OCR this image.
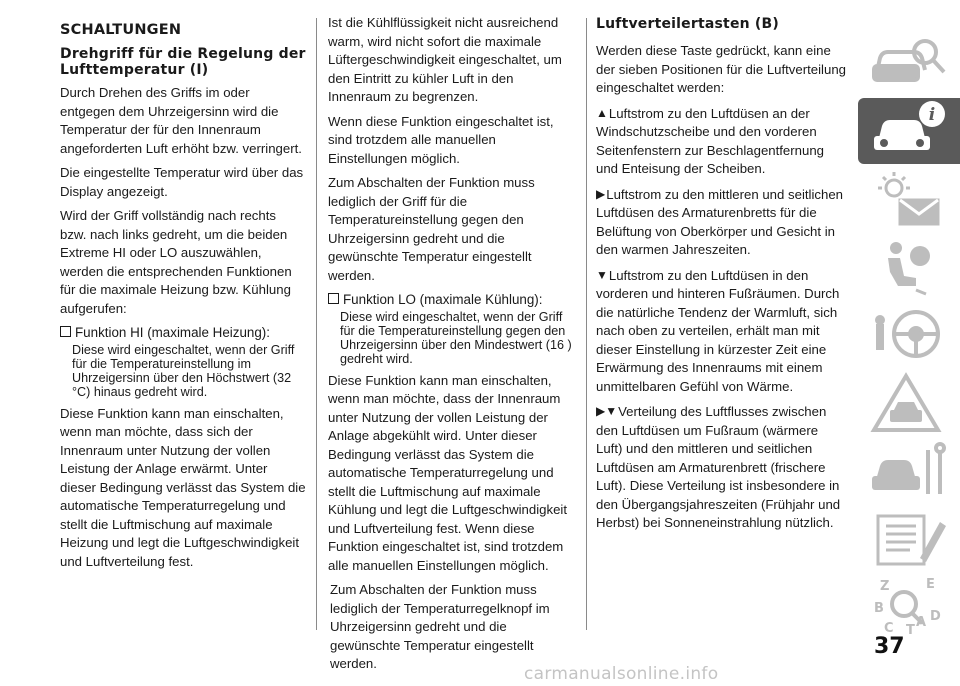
SCHALTUNGEN
Drehgriff für die Regelung der Lufttemperatur (I)

Durch Drehen des Griffs im oder entgegen dem Uhrzeigersinn wird die Temperatur der für den Innenraum angeforderten Luft erhöht bzw. verringert.

Die eingestellte Temperatur wird über das Display angezeigt.

Wird der Griff vollständig nach rechts bzw. nach links gedreht, um die beiden Extreme HI oder LO auszuwählen, werden die entsprechenden Funktionen für die maximale Heizung bzw. Kühlung aufgerufen:

Funktion HI (maximale Heizung):

Diese wird eingeschaltet, wenn der Griff für die Temperatureinstellung im Uhrzeigersinn über den Höchstwert (32 °C) hinaus gedreht wird.

Diese Funktion kann man einschalten, wenn man möchte, dass sich der Innenraum unter Nutzung der vollen Leistung der Anlage erwärmt. Unter dieser Bedingung verlässt das System die automatische Temperaturregelung und stellt die Luftmischung auf maximale Heizung und legt die Luftgeschwindigkeit und Luftverteilung fest.

Ist die Kühlflüssigkeit nicht ausreichend warm, wird nicht sofort die maximale Lüftergeschwindigkeit eingeschaltet, um den Eintritt zu kühler Luft in den Innenraum zu begrenzen.

Wenn diese Funktion eingeschaltet ist, sind trotzdem alle manuellen Einstellungen möglich.

Zum Abschalten der Funktion muss lediglich der Griff für die Temperatureinstellung gegen den Uhrzeigersinn gedreht und die gewünschte Temperatur eingestellt werden.

Funktion LO (maximale Kühlung):

Diese wird eingeschaltet, wenn der Griff für die Temperatureinstellung gegen den Uhrzeigersinn über den Mindestwert (16 ) gedreht wird.

Diese Funktion kann man einschalten, wenn man möchte, dass der Innenraum unter Nutzung der vollen Leistung der Anlage abgekühlt wird. Unter dieser Bedingung verlässt das System die automatische Temperaturregelung und stellt die Luftmischung auf maximale Kühlung und legt die Luftgeschwindigkeit und Luftverteilung fest. Wenn diese Funktion eingeschaltet ist, sind trotzdem alle manuellen Einstellungen möglich.

Zum Abschalten der Funktion muss lediglich der Temperaturregelknopf im Uhrzeigersinn gedreht und die gewünschte Temperatur eingestellt werden.

Luftverteilertasten (B)

Werden diese Taste gedrückt, kann eine der sieben Positionen für die Luftverteilung eingeschaltet werden:

▲Luftstrom zu den Luftdüsen an der Windschutzscheibe und den vorderen Seitenfenstern zur Beschlagentfernung und Enteisung der Scheiben.

▶Luftstrom zu den mittleren und seitlichen Luftdüsen des Armaturenbretts für die Belüftung von Oberkörper und Gesicht in den warmen Jahreszeiten.

▼Luftstrom zu den Luftdüsen in den vorderen und hinteren Fußräumen. Durch die natürliche Tendenz der Warmluft, sich nach oben zu verteilen, erhält man mit dieser Einstellung in kürzester Zeit eine Erwärmung des Innenraums mit einem unmittelbaren Gefühl von Wärme.

▶▼Verteilung des Luftflusses zwischen den Luftdüsen um Fußraum (wärmere Luft) und den mittleren und seitlichen Luftdüsen am Armaturenbrett (frischere Luft). Diese Verteilung ist insbesondere in den Übergangsjahreszeiten (Frühjahr und Herbst) bei Sonneneinstrahlung nützlich.

i
Z	E
B
D
C T
A
37
carmanualsonline.info
